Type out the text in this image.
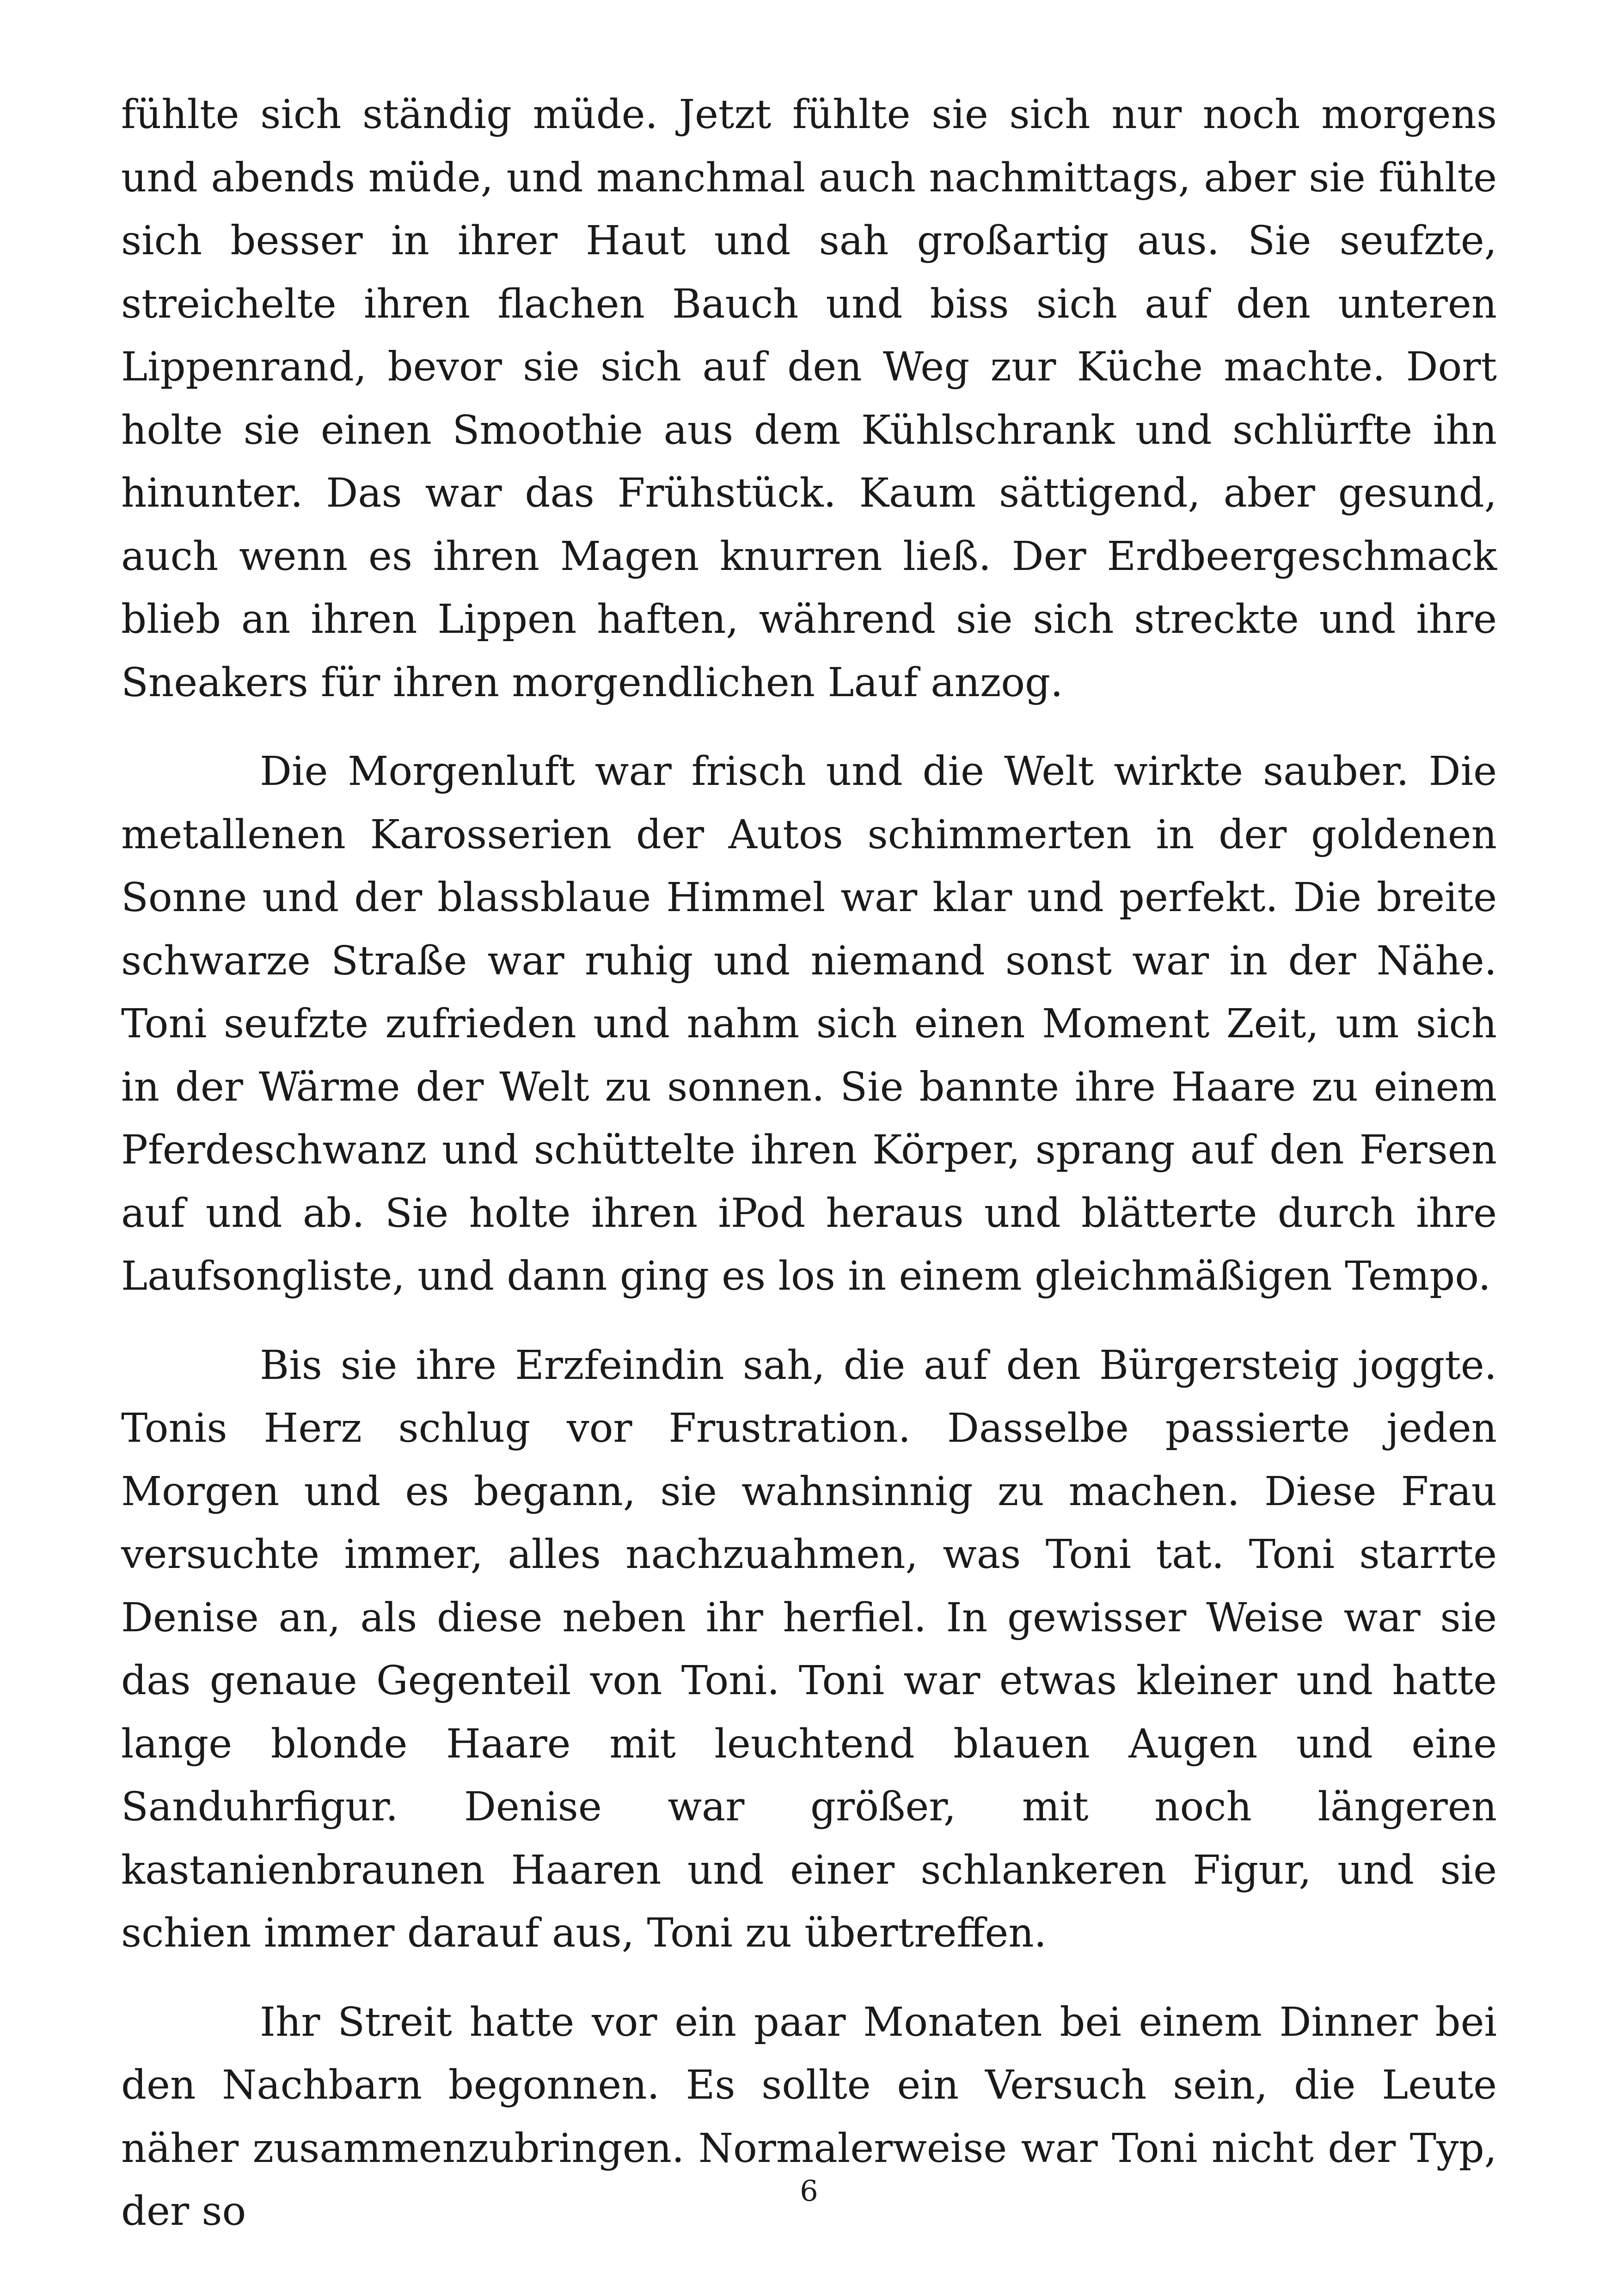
fühlte sich ständig müde. Jetzt fühlte sie sich nur noch morgens und abends müde, und manchmal auch nachmittags, aber sie fühlte sich besser in ihrer Haut und sah großartig aus. Sie seufzte, streichelte ihren flachen Bauch und biss sich auf den unteren Lippenrand, bevor sie sich auf den Weg zur Küche machte. Dort holte sie einen Smoothie aus dem Kühlschrank und schlürfte ihn hinunter. Das war das Frühstück. Kaum sättigend, aber gesund, auch wenn es ihren Magen knurren ließ. Der Erdbeergeschmack blieb an ihren Lippen haften, während sie sich streckte und ihre Sneakers für ihren morgendlichen Lauf anzog.

Die Morgenluft war frisch und die Welt wirkte sauber. Die metallenen Karosserien der Autos schimmerten in der goldenen Sonne und der blassblaue Himmel war klar und perfekt. Die breite schwarze Straße war ruhig und niemand sonst war in der Nähe. Toni seufzte zufrieden und nahm sich einen Moment Zeit, um sich in der Wärme der Welt zu sonnen. Sie bannte ihre Haare zu einem Pferdeschwanz und schüttelte ihren Körper, sprang auf den Fersen auf und ab. Sie holte ihren iPod heraus und blätterte durch ihre Laufsongliste, und dann ging es los in einem gleichmäßigen Tempo.

Bis sie ihre Erzfeindin sah, die auf den Bürgersteig joggte. Tonis Herz schlug vor Frustration. Dasselbe passierte jeden Morgen und es begann, sie wahnsinnig zu machen. Diese Frau versuchte immer, alles nachzuahmen, was Toni tat. Toni starrte Denise an, als diese neben ihr herfiel. In gewisser Weise war sie das genaue Gegenteil von Toni. Toni war etwas kleiner und hatte lange blonde Haare mit leuchtend blauen Augen und eine Sanduhrfigur. Denise war größer, mit noch längeren kastanienbraunen Haaren und einer schlankeren Figur, und sie schien immer darauf aus, Toni zu übertreffen.

Ihr Streit hatte vor ein paar Monaten bei einem Dinner bei den Nachbarn begonnen. Es sollte ein Versuch sein, die Leute näher zusammenzubringen. Normalerweise war Toni nicht der Typ, der so	6
